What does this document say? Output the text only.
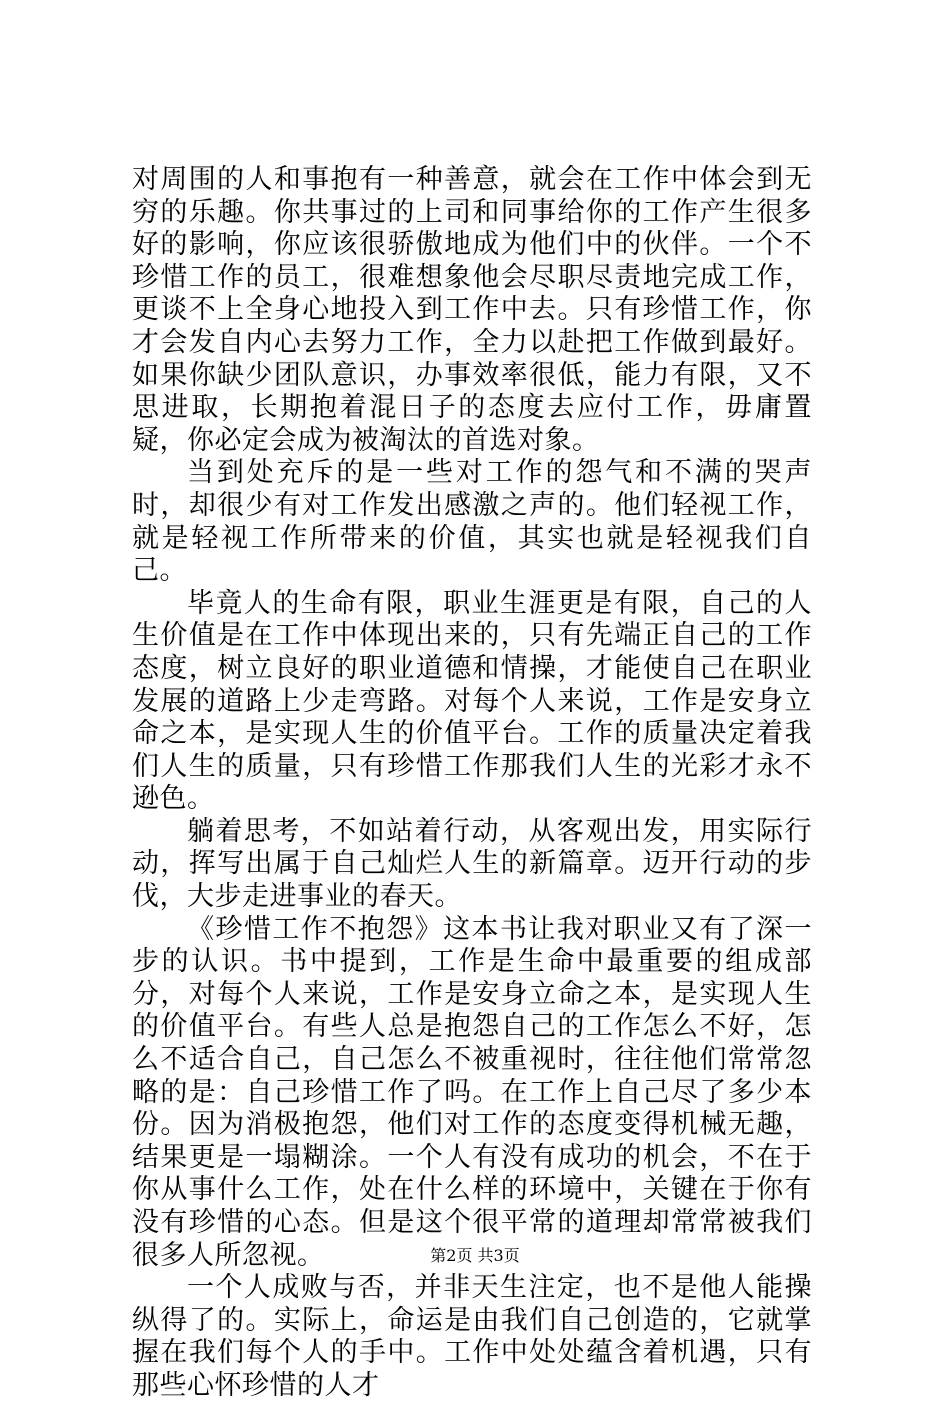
对周围的人和事抱有一种善意，就会在工作中体会到无穷的乐趣。你共事过的上司和同事给你的工作产生很多好的影响，你应该很骄傲地成为他们中的伙伴。一个不珍惜工作的员工，很难想象他会尽职尽责地完成工作，更谈不上全身心地投入到工作中去。只有珍惜工作，你才会发自内心去努力工作，全力以赴把工作做到最好。如果你缺少团队意识，办事效率很低，能力有限，又不思进取，长期抱着混日子的态度去应付工作，毋庸置疑，你必定会成为被淘汰的首选对象。

当到处充斥的是一些对工作的怨气和不满的哭声时，却很少有对工作发出感激之声的。他们轻视工作，就是轻视工作所带来的价值，其实也就是轻视我们自己。

毕竟人的生命有限，职业生涯更是有限，自己的人生价值是在工作中体现出来的，只有先端正自己的工作态度，树立良好的职业道德和情操，才能使自己在职业发展的道路上少走弯路。对每个人来说，工作是安身立命之本，是实现人生的价值平台。工作的质量决定着我们人生的质量，只有珍惜工作那我们人生的光彩才永不逊色。

躺着思考，不如站着行动，从客观出发，用实际行动，挥写出属于自己灿烂人生的新篇章。迈开行动的步伐，大步走进事业的春天。

《珍惜工作不抱怨》这本书让我对职业又有了深一步的认识。书中提到，工作是生命中最重要的组成部分，对每个人来说，工作是安身立命之本，是实现人生的价值平台。有些人总是抱怨自己的工作怎么不好，怎么不适合自己，自己怎么不被重视时，往往他们常常忽略的是：自己珍惜工作了吗。在工作上自己尽了多少本份。因为消极抱怨，他们对工作的态度变得机械无趣，结果更是一塌糊涂。一个人有没有成功的机会，不在于你从事什么工作，处在什么样的环境中，关键在于你有没有珍惜的心态。但是这个很平常的道理却常常被我们很多人所忽视。

一个人成败与否，并非天生注定，也不是他人能操纵得了的。实际上，命运是由我们自己创造的，它就掌握在我们每个人的手中。工作中处处蕴含着机遇，只有那些心怀珍惜的人才

第2页 共3页
